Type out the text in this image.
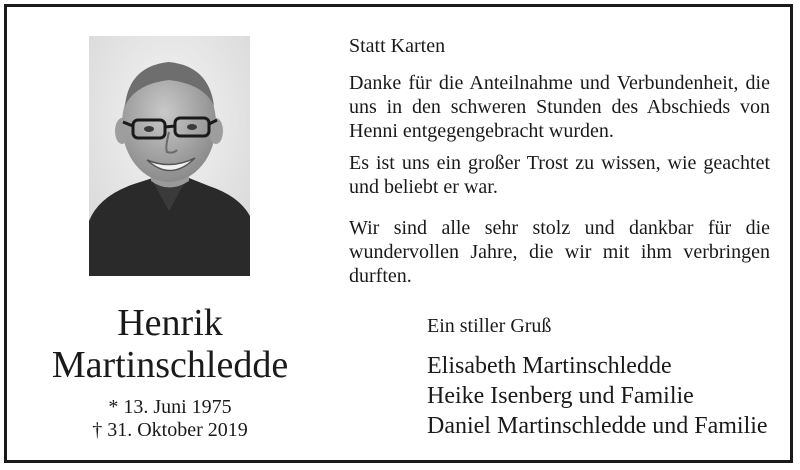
Henrik
Martinschledde
* 13. Juni 1975
† 31. Oktober 2019
Statt Karten
Danke für die Anteilnahme und Verbundenheit, die uns in den schweren Stunden des Abschieds von Henni entgegengebracht wurden.
Es ist uns ein großer Trost zu wissen, wie geachtet und beliebt er war.
Wir sind alle sehr stolz und dankbar für die wundervollen Jahre, die wir mit ihm verbringen durften.
Ein stiller Gruß
Elisabeth Martinschledde
Heike Isenberg und Familie
Daniel Martinschledde und Familie
